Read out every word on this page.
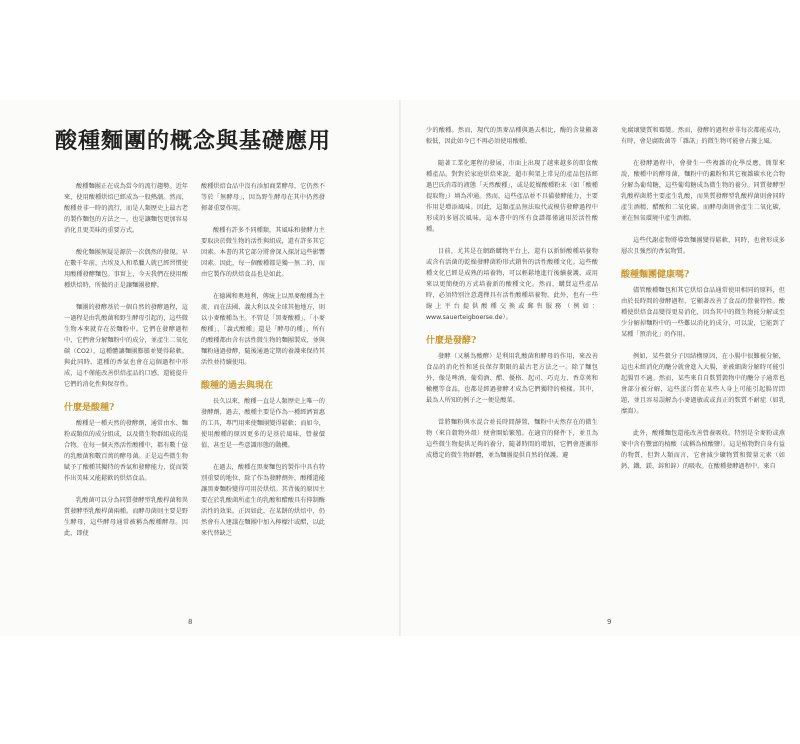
酸種麵團的概念與基礎應用

酸種麵團正在成為當今的流行趨勢。近年來，使用酸種烘焙已經成為一股熱潮。然而，酸種並非一時的流行，而是人類歷史上最古老的製作麵包的方法之一，也是讓麵包更加容易消化且更美味的重要方式。

酸化麵團無疑是源於一次偶然的發現。早在數千年前，古埃及人和希臘人就已經習慣使用酸種發酵麵包。事實上，今天我們在使用酸種烘焙時，所做的正是讓麵團發酵。

麵團的發酵基於一個自然的發酵過程，這一過程是由乳酸菌和野生酵母引起的，這些微生物本來就存在於麵粉中。它們在發酵過程中，它們會分解麵粉中的成分，並產生二氧化碳（CO2），這種體讓麵團膨脹並變得鬆軟。與此同時，還種的香氣也會在這個過程中形成，這不僅能改善烘焙產品的口感，還能提升它們的消化性與保存性。

什麼是酸種?

酸種是一種天然的發酵劑，通常由水、麵粉或類似的成分組成，以及微生物群組成的混合物。在每一個天然活性酸種中，都有數十億的乳酸菌和數百萬的酵母菌。正是這些微生物賦予了酸種其獨特的香氣和發酵能力，從而製作出美味又能鬆軟的烘焙食品。

乳酸菌可以分為同質發酵型乳酸桿菌和異質發酵型乳酸桿菌兩種。而酵母菌則主要是野生酵母，這些酵母通常被稱為酸種酵母。因此，即使

酸種烘焙食品中沒有添加商業酵母，它仍然不等於「無酵母」，因為野生酵母在其中仍然發揮著重要作用。

酸種有許多不同種類，其風味和發酵力主要取決於微生物的活性與組成，還有許多其它因素。本書的其它部分將會深入探討這些影響因素。因此，每一個酸種都是獨一無二的，而由它製作的烘焙食品也是如此。

在德國和奧地利，傳統上以黑麥酸種為主流，而在法國、義大利以及全球其他地方，則以小麥酸種為主。不管是「黑麥酸種」、「小麥酸種」、「義式酸種」還是「酵母的種」，所有的酸種都由含有活性微生物的麵團製成，並與麵粉通過發酵，隨後通過定期的養護來保持其活性並持續使用。

酸種的過去與現在

長久以來，酸種一直是人類歷史上唯一的發酵劑，過去，酸種主要是作為一種經濟實惠的工具，專門用來使麵團變得鬆軟；而如今，使用酸種的原因更多的是基於風味、營養價值，甚至是一些意識形態的動機。

在過去，酸種在黑麥麵包的製作中具有特別重要的地位，除了作為發酵劑外，酸種還能讓黑麥麵粉變得可用於烘焙。其背後的原因主要在於乳酸菌所產生的乳酸和醋酸具有抑制酶活性的效果。正因如此，在某餅的烘焙中，仍然會有人建議在麵團中加入檸檬汁或醋，以此來代替缺乏

少的酸種。然而，現代的黑麥品種與過去相比，酶的含量顯著較低，因此如今已不再必須使用酸種。

隨著工業化運程的發展，市面上出現了越來越多的即食酸種產品。對對於家庭烘焙來說，超市與架上常見的產品包括經過巴氏消毒的液態「天然酸種」，或是乾燥酸種粉末（如「酸種提取物」）填為沖通。然而，這些產品並不具備發酵能力，主要作用是增添風味。因此，這類產品無法取代或模仿發酵過程中形成的多層次風味。這本書中的所有食譜都僅適用於活性酸種。

目前，尤其是在網路購物平台上，還有以新鮮酸種培養物或含有活菌的乾燥發酵菌粉形式銷售的活性酸種文化。這些酸種文化已經是成熟的培養物，可以輕鬆地進行後續養護，或用來以更簡便的方式培養新的酸種文化。然而，購買這些產品時，必須特別注意選擇具有活性酸種培養物。此外，也有一些線上平台提供酸種交換或郵售服務（例如：www.sauerteigboerse.de）。

什麼是發酵?

發酵（又稱為酸酵）是利用乳酸菌和酵母的作用，來改善食品的消化性和延長保存期限的最古老方法之一。除了麵包外，像是啤酒、葡萄酒、醋、優格、起司、巧克力、香草莢和橄欖等食品，也都是經過發酵才成為它們獨特的模樣。其中，最為人所知的例子之一便是酸菜。

當將麵粉與水混合並長時間靜置，麵粉中天然存在的微生物（來自穀物外殼）便會開始繁殖。在適宜的條件下，並且為這些微生物提供足夠的養分，隨著時間的增加，它們會逐漸形成穩定的微生物群體，並為麵團提供自然的保護。避

免腐壞變質和霉變。然而，發酵的過程並非每次都能成功，有時，會是腐敗菌等「雜訊」的微生物可能會占據上風。

在發酵過程中，會發生一些複雜的化學反應，簡單來說，酸種中的酵母菌，麵粉中的澱粉和其它複雜碳水化合物分解為葡萄糖，這些葡萄糖成為微生物的養分。同質發酵型乳酸桿菌將主要產生乳酸，而異質發酵型乳酸桿菌則會同時產生酒精、醋酸和二氧化碳。而酵母菌則會產生二氧化碳，並在無氧環境中產生酒精。

這些代謝產物將導致麵團變得鬆軟，同時，也會形成多層次且強烈的香氣物質。

酸種麵團健康嗎?

儘管酸種麵包和其它烘焙食品通常使用相同的原料，但由於長時間的發酵過程，它顯著改善了食品的營養特性。酸種使烘焙食品變得更易消化，因為其中的微生物能分解或至少分解掉麵粉中的一些難以消化的成分，可以說，它能到了某種「預消化」的作用。

例如，某些穀分子因結構原因，在小腸中很難被分解，這也未經消化的醣分就會進入大腸，並被細菌分解時可能引起腸胃不適。然而，某些來自自麩質穀物中的醣分子通常也會部分被分解，這些蛋白質在某些人身上可能引起腸胃問題，並且容易誤解為小麥過敏或或真正的麩質不耐症（如乳糜瀉）。

此外，酸種麵包還能改善營養吸收。特別是全麥粉或燕麥中含有豐富的植酸（或稱為植酸鹽）。這是植物對自身有益的物質，但對人類而言，它會減少礦物質和微量元素（如鈣、鐵、鎂、鋅和鋅）的吸收。在酸種發酵過程中，來自

8	9
